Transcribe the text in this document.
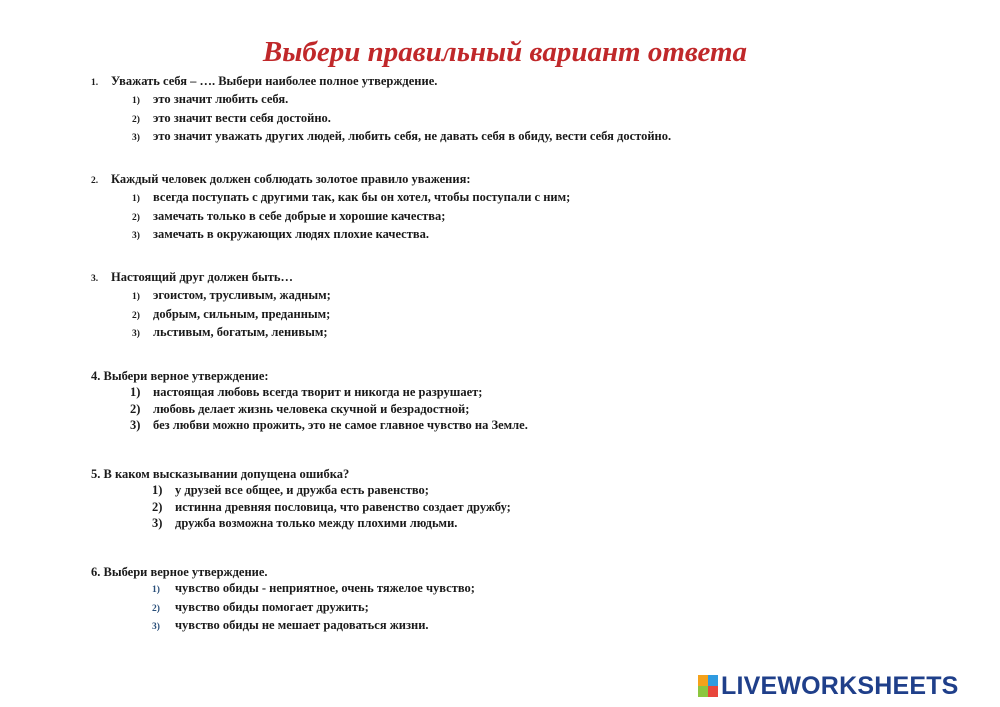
Выбери правильный вариант ответа

1. Уважать себя – …. Выбери наиболее полное утверждение.

1) это значит любить себя.

2) это значит вести себя достойно.

3) это значит уважать других людей, любить себя, не давать себя в обиду, вести себя достойно.

2. Каждый человек должен соблюдать золотое правило уважения:

1) всегда поступать с другими так, как бы он хотел, чтобы поступали с ним;

2) замечать только в себе добрые и хорошие качества;

3) замечать в окружающих людях плохие качества.

3. Настоящий друг должен быть…

1) эгоистом, трусливым, жадным;

2) добрым, сильным, преданным;

3) льстивым, богатым, ленивым;

4. Выбери верное утверждение:

1) настоящая любовь всегда творит и никогда не разрушает;

2) любовь делает жизнь человека скучной и безрадостной;

3) без любви можно прожить, это не самое главное чувство на Земле.

5. В каком высказывании допущена ошибка?

1) у друзей все общее, и дружба есть равенство;

2) истинна древняя пословица, что равенство создает дружбу;

3) дружба возможна только между плохими людьми.

6. Выбери верное утверждение.

1) чувство обиды - неприятное, очень тяжелое чувство;

2) чувство обиды помогает дружить;

3) чувство обиды не мешает радоваться жизни.

LIVEWORKSHEETS
